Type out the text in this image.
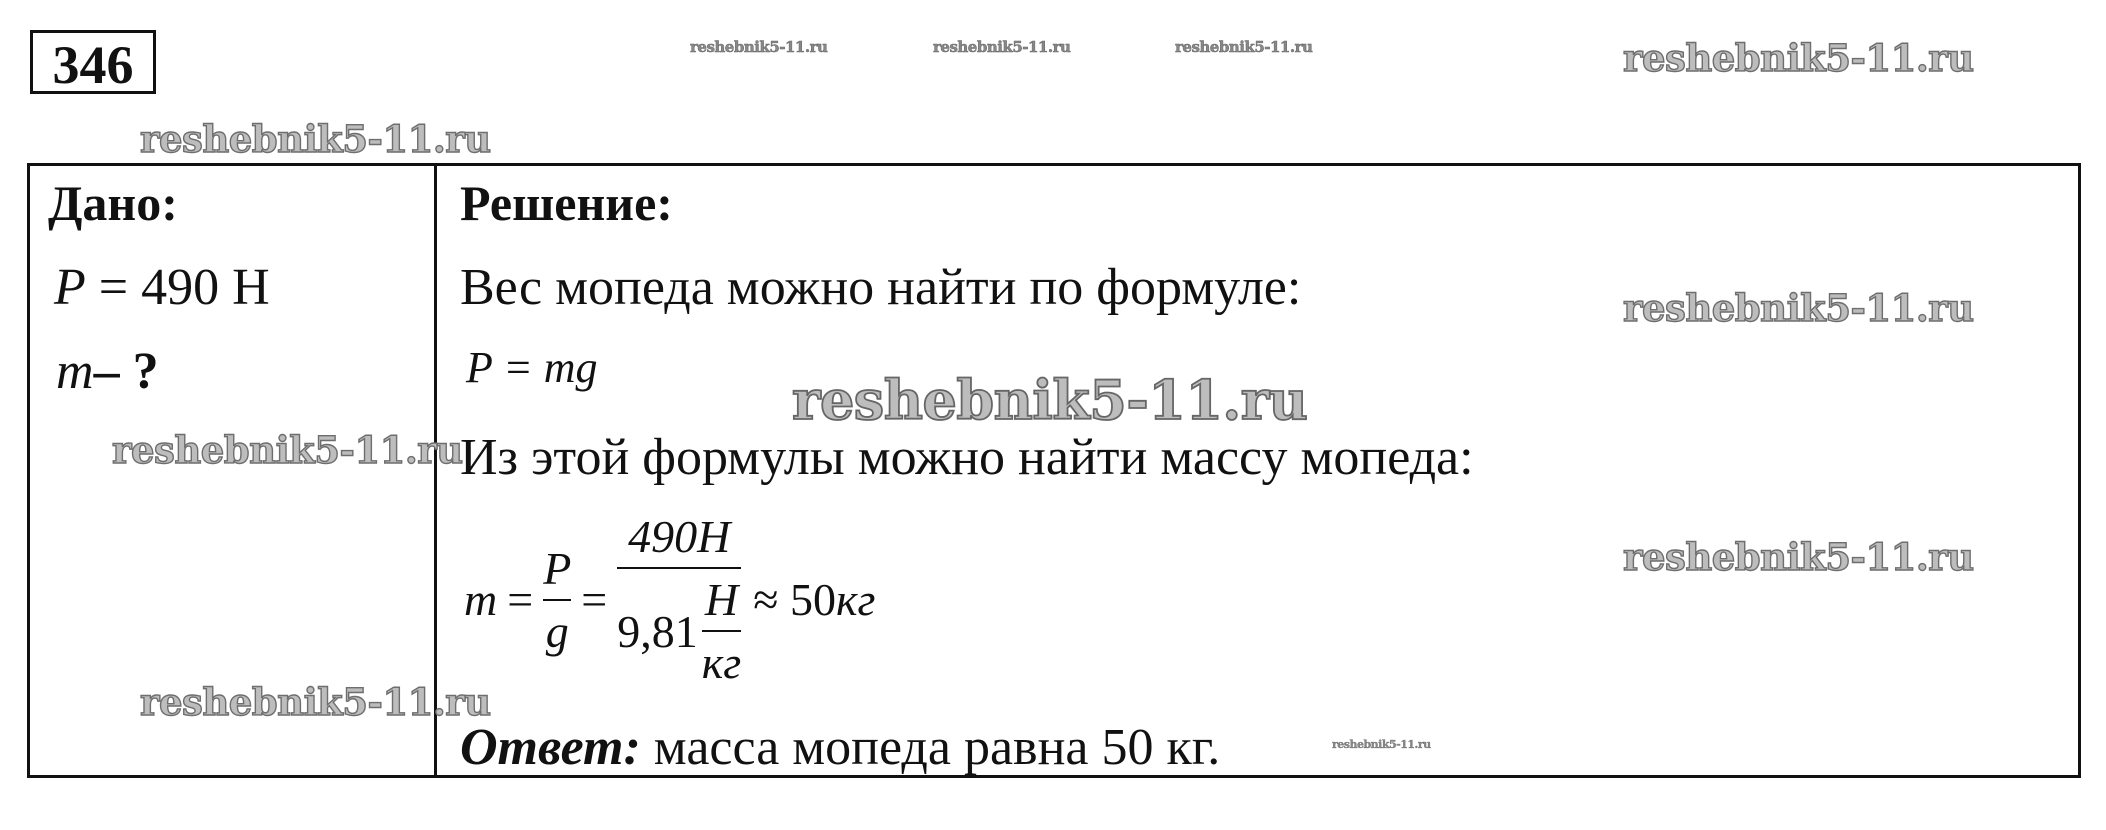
346	reshebnik5-11.ru	reshebnik5-11.ru	reshebnik5-11.ru	reshebnik5-11.ru
reshebnik5-11.ru
Дано:
P = 490 Н
m– ?
Решение:
Вес мопеда можно найти по формуле:
P = mg
Из этой формулы можно найти массу мопеда:
$m = \frac{P}{g} = \frac{490Н}{9,81 \frac{Н}{кг}} \approx 50$ кг
Ответ: масса мопеда равна 50 кг.
reshebnik5-11.ru
reshebnik5-11.ru
reshebnik5-11.ru
reshebnik5-11.ru
reshebnik5-11.ru
reshebnik5-11.ru
